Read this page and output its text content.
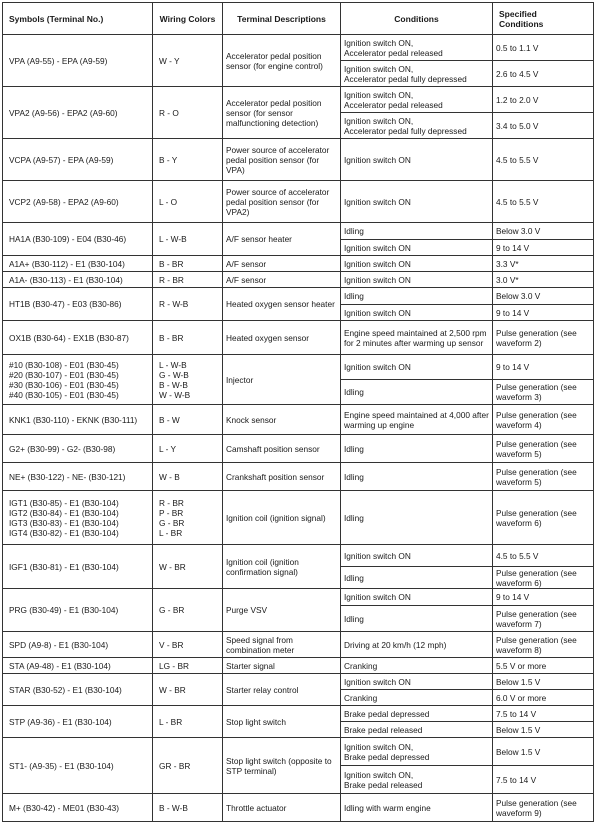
Symbols (Terminal No.)	Wiring Colors	Terminal Descriptions	Conditions	Specified
Conditions
VPA (A9-55) - EPA (A9-59)	W - Y	Accelerator pedal position sensor (for engine control)	Ignition switch ON,
Accelerator pedal released	0.5 to 1.1 V
			Ignition switch ON,
Accelerator pedal fully depressed	2.6 to 4.5 V
VPA2 (A9-56) - EPA2 (A9-60)	R - O	Accelerator pedal position sensor (for sensor malfunctioning detection)	Ignition switch ON,
Accelerator pedal released	1.2 to 2.0 V
			Ignition switch ON,
Accelerator pedal fully depressed	3.4 to 5.0 V
VCPA (A9-57) - EPA (A9-59)	B - Y	Power source of accelerator pedal position sensor (for VPA)	Ignition switch ON	4.5 to 5.5 V
VCP2 (A9-58) - EPA2 (A9-60)	L - O	Power source of accelerator pedal position sensor (for VPA2)	Ignition switch ON	4.5 to 5.5 V
HA1A (B30-109) - E04 (B30-46)	L - W-B	A/F sensor heater	Idling	Below 3.0 V
			Ignition switch ON	9 to 14 V
A1A+ (B30-112) - E1 (B30-104)	B - BR	A/F sensor	Ignition switch ON	3.3 V*
A1A- (B30-113) - E1 (B30-104)	R - BR	A/F sensor	Ignition switch ON	3.0 V*
HT1B (B30-47) - E03 (B30-86)	R - W-B	Heated oxygen sensor heater	Idling	Below 3.0 V
			Ignition switch ON	9 to 14 V
OX1B (B30-64) - EX1B (B30-87)	B - BR	Heated oxygen sensor	Engine speed maintained at 2,500 rpm for 2 minutes after warming up sensor	Pulse generation (see waveform 2)
#10 (B30-108) - E01 (B30-45)
#20 (B30-107) - E01 (B30-45)
#30 (B30-106) - E01 (B30-45)
#40 (B30-105) - E01 (B30-45)	L - W-B
G - W-B
B - W-B
W - W-B	Injector	Ignition switch ON	9 to 14 V
			Idling	Pulse generation (see waveform 3)
KNK1 (B30-110) - EKNK (B30-111)	B - W	Knock sensor	Engine speed maintained at 4,000 after warming up engine	Pulse generation (see waveform 4)
G2+ (B30-99) - G2- (B30-98)	L - Y	Camshaft position sensor	Idling	Pulse generation (see waveform 5)
NE+ (B30-122) - NE- (B30-121)	W - B	Crankshaft position sensor	Idling	Pulse generation (see waveform 5)
IGT1 (B30-85) - E1 (B30-104)
IGT2 (B30-84) - E1 (B30-104)
IGT3 (B30-83) - E1 (B30-104)
IGT4 (B30-82) - E1 (B30-104)	R - BR
P - BR
G - BR
L - BR	Ignition coil (ignition signal)	Idling	Pulse generation (see waveform 6)
IGF1 (B30-81) - E1 (B30-104)	W - BR	Ignition coil (ignition confirmation signal)	Ignition switch ON	4.5 to 5.5 V
			Idling	Pulse generation (see waveform 6)
PRG (B30-49) - E1 (B30-104)	G - BR	Purge VSV	Ignition switch ON	9 to 14 V
			Idling	Pulse generation (see waveform 7)
SPD (A9-8) - E1 (B30-104)	V - BR	Speed signal from combination meter	Driving at 20 km/h (12 mph)	Pulse generation (see waveform 8)
STA (A9-48) - E1 (B30-104)	LG - BR	Starter signal	Cranking	5.5 V or more
STAR (B30-52) - E1 (B30-104)	W - BR	Starter relay control	Ignition switch ON	Below 1.5 V
			Cranking	6.0 V or more
STP (A9-36) - E1 (B30-104)	L - BR	Stop light switch	Brake pedal depressed	7.5 to 14 V
			Brake pedal released	Below 1.5 V
ST1- (A9-35) - E1 (B30-104)	GR - BR	Stop light switch (opposite to STP terminal)	Ignition switch ON,
Brake pedal depressed	Below 1.5 V
			Ignition switch ON,
Brake pedal released	7.5 to 14 V
M+ (B30-42) - ME01 (B30-43)	B - W-B	Throttle actuator	Idling with warm engine	Pulse generation (see waveform 9)
